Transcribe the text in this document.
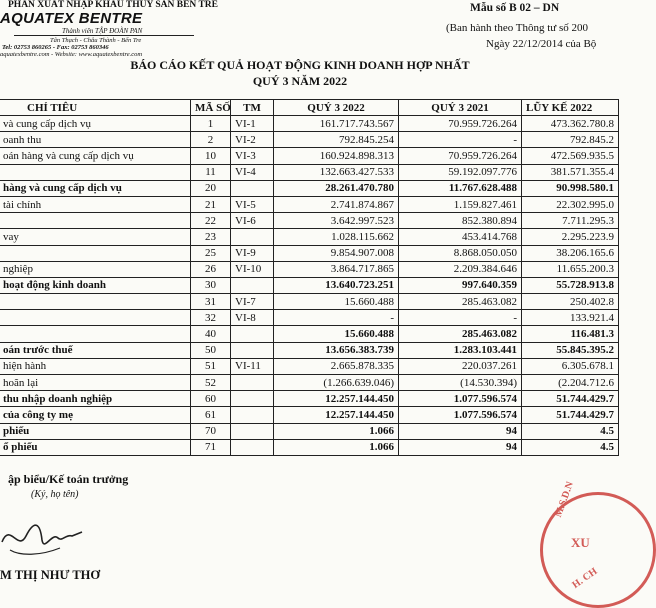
PHẦN XUẤT NHẬP KHẨU THỦY SẢN BẾN TRE
AQUATEX BENTRE
Thành viên TẬP ĐOÀN PAN
Tân Thạch - Châu Thành - Bến Tre
Tel: 02753 860265 - Fax: 02753 860346
aquatexbentre.com - Website: www.aquatexbentre.com
Mẫu số B 02 – DN
(Ban hành theo Thông tư số 200
Ngày 22/12/2014 của Bộ
BÁO CÁO KẾT QUẢ HOẠT ĐỘNG KINH DOANH HỢP NHẤT
QUÝ 3 NĂM 2022
CHỈ TIÊU	MÃ SỐ	TM	QUÝ 3 2022	QUÝ 3 2021	LŨY KẾ 2022
và cung cấp dịch vụ	1	VI-1	161.717.743.567	70.959.726.264	473.362.780.8
oanh thu	2	VI-2	792.845.254	-	792.845.2
oán hàng và cung cấp dịch vụ	10	VI-3	160.924.898.313	70.959.726.264	472.569.935.5
	11	VI-4	132.663.427.533	59.192.097.776	381.571.355.4
hàng và cung cấp dịch vụ	20		28.261.470.780	11.767.628.488	90.998.580.1
tài chính	21	VI-5	2.741.874.867	1.159.827.461	22.302.995.0
	22	VI-6	3.642.997.523	852.380.894	7.711.295.3
vay	23		1.028.115.662	453.414.768	2.295.223.9
	25	VI-9	9.854.907.008	8.868.050.050	38.206.165.6
nghiệp	26	VI-10	3.864.717.865	2.209.384.646	11.655.200.3
hoạt động kinh doanh	30		13.640.723.251	997.640.359	55.728.913.8
	31	VI-7	15.660.488	285.463.082	250.402.8
	32	VI-8	-	-	133.921.4
	40		15.660.488	285.463.082	116.481.3
oán trước thuế	50		13.656.383.739	1.283.103.441	55.845.395.2
hiện hành	51	VI-11	2.665.878.335	220.037.261	6.305.678.1
hoãn lại	52		(1.266.639.046)	(14.530.394)	(2.204.712.6
thu nhập doanh nghiệp	60		12.257.144.450	1.077.596.574	51.744.429.7
của công ty mẹ	61		12.257.144.450	1.077.596.574	51.744.429.7
phiếu	70		1.066	94	4.5
ổ phiếu	71		1.066	94	4.5
ập biểu/Kế toán trưởng
(Ký, họ tên)
M THỊ NHƯ THƠ
M.S.D.N
XU
H. CH
